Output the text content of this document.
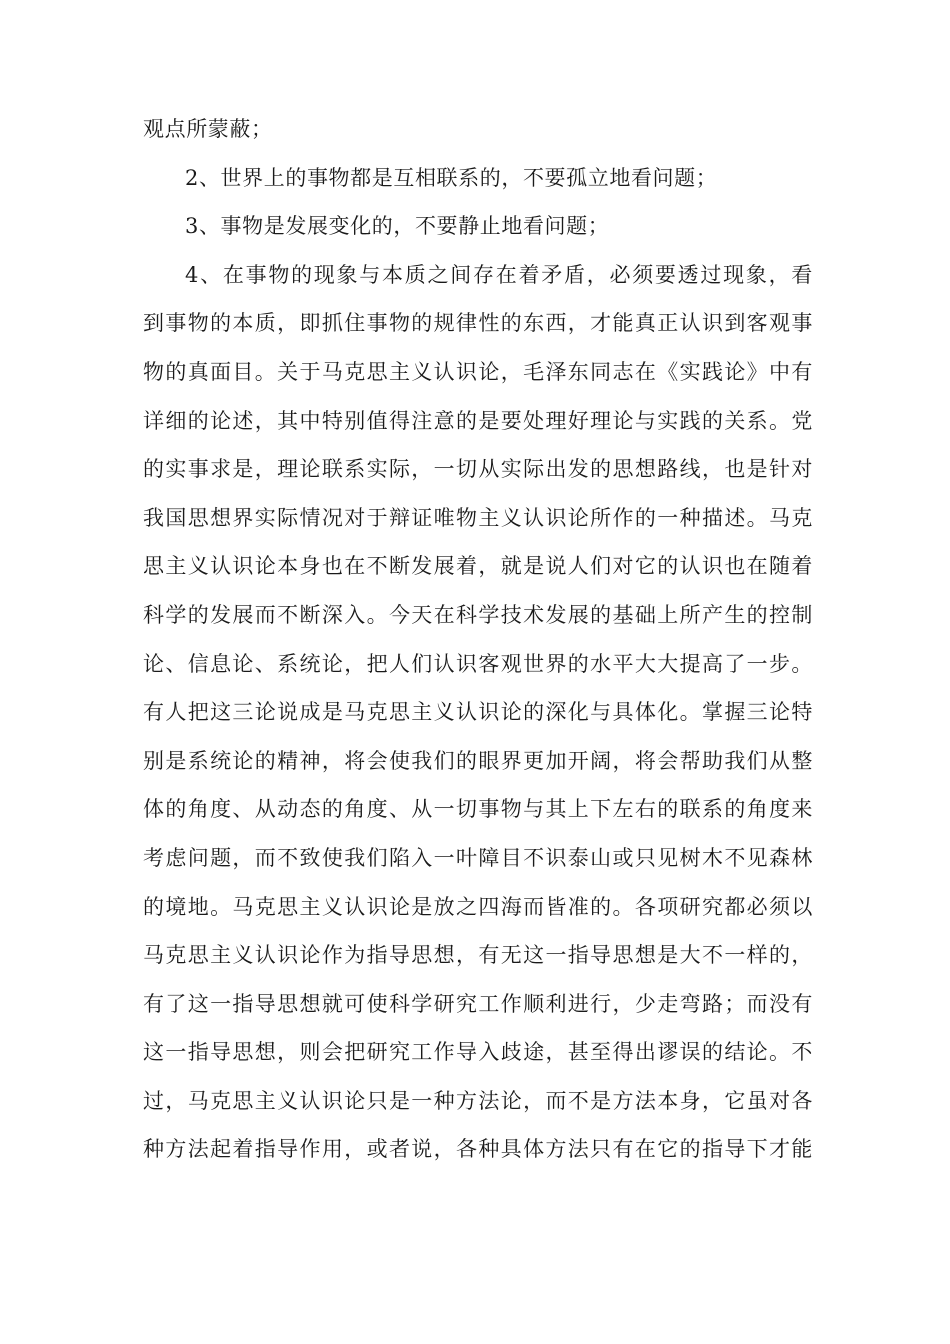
观点所蒙蔽；
2、世界上的事物都是互相联系的，不要孤立地看问题；
3、事物是发展变化的，不要静止地看问题；
4、在事物的现象与本质之间存在着矛盾，必须要透过现象，看
到事物的本质，即抓住事物的规律性的东西，才能真正认识到客观事
物的真面目。关于马克思主义认识论，毛泽东同志在《实践论》中有
详细的论述，其中特别值得注意的是要处理好理论与实践的关系。党
的实事求是，理论联系实际，一切从实际出发的思想路线，也是针对
我国思想界实际情况对于辩证唯物主义认识论所作的一种描述。马克
思主义认识论本身也在不断发展着，就是说人们对它的认识也在随着
科学的发展而不断深入。今天在科学技术发展的基础上所产生的控制
论、信息论、系统论，把人们认识客观世界的水平大大提高了一步。
有人把这三论说成是马克思主义认识论的深化与具体化。掌握三论特
别是系统论的精神，将会使我们的眼界更加开阔，将会帮助我们从整
体的角度、从动态的角度、从一切事物与其上下左右的联系的角度来
考虑问题，而不致使我们陷入一叶障目不识泰山或只见树木不见森林
的境地。马克思主义认识论是放之四海而皆准的。各项研究都必须以
马克思主义认识论作为指导思想，有无这一指导思想是大不一样的，
有了这一指导思想就可使科学研究工作顺利进行，少走弯路；而没有
这一指导思想，则会把研究工作导入歧途，甚至得出谬误的结论。不
过，马克思主义认识论只是一种方法论，而不是方法本身，它虽对各
种方法起着指导作用，或者说，各种具体方法只有在它的指导下才能
